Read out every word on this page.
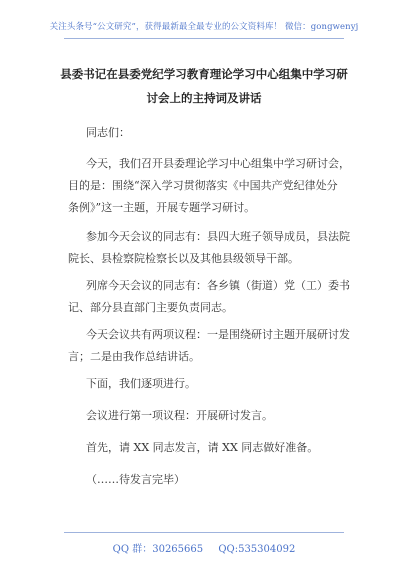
关注头条号“公文研究”，获得最新最全最专业的公文资料库！ 微信：gongwenyj
县委书记在县委党纪学习教育理论学习中心组集中学习研
讨会上的主持词及讲话
同志们：
今天，我们召开县委理论学习中心组集中学习研讨会，
目的是：围绕“深入学习贯彻落实《中国共产党纪律处分
条例》”这一主题，开展专题学习研讨。
参加今天会议的同志有：县四大班子领导成员，县法院
院长、县检察院检察长以及其他县级领导干部。
列席今天会议的同志有：各乡镇（街道）党（工）委书
记、部分县直部门主要负责同志。
今天会议共有两项议程：一是围绕研讨主题开展研讨发
言；二是由我作总结讲话。
下面，我们逐项进行。
会议进行第一项议程：开展研讨发言。
首先，请 XX 同志发言，请 XX 同志做好准备。
（……待发言完毕）
QQ 群：30265665 QQ:535304092
